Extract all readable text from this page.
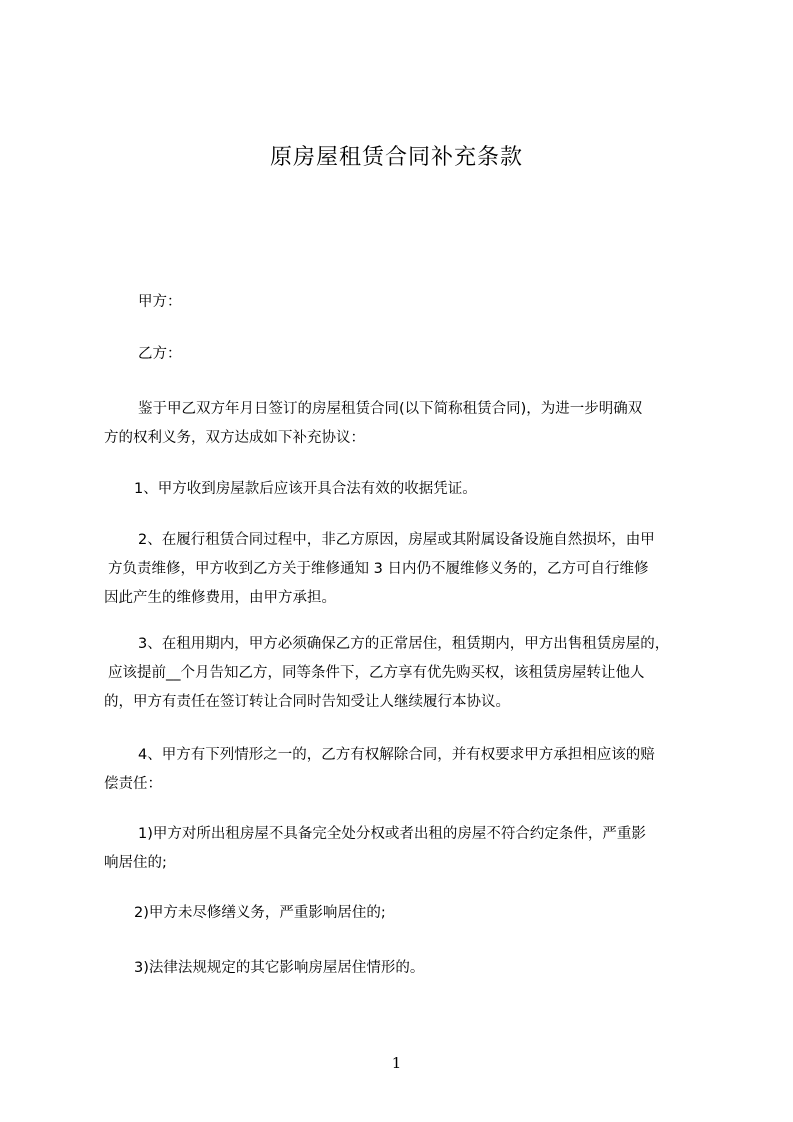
原房屋租赁合同补充条款

甲方：

乙方：

鉴于甲乙双方年月日签订的房屋租赁合同(以下简称租赁合同)，为进一步明确双
方的权利义务，双方达成如下补充协议：

1、甲方收到房屋款后应该开具合法有效的收据凭证。

2、在履行租赁合同过程中，非乙方原因，房屋或其附属设备设施自然损坏，由甲
方负责维修，甲方收到乙方关于维修通知 3 日内仍不履维修义务的，乙方可自行维修
因此产生的维修费用，由甲方承担。

3、在租用期内，甲方必须确保乙方的正常居住，租赁期内，甲方出售租赁房屋的，
应该提前__个月告知乙方，同等条件下，乙方享有优先购买权，该租赁房屋转让他人
的，甲方有责任在签订转让合同时告知受让人继续履行本协议。

4、甲方有下列情形之一的，乙方有权解除合同，并有权要求甲方承担相应该的赔
偿责任：

1)甲方对所出租房屋不具备完全处分权或者出租的房屋不符合约定条件，严重影
响居住的;

2)甲方未尽修缮义务，严重影响居住的;

3)法律法规规定的其它影响房屋居住情形的。

1
